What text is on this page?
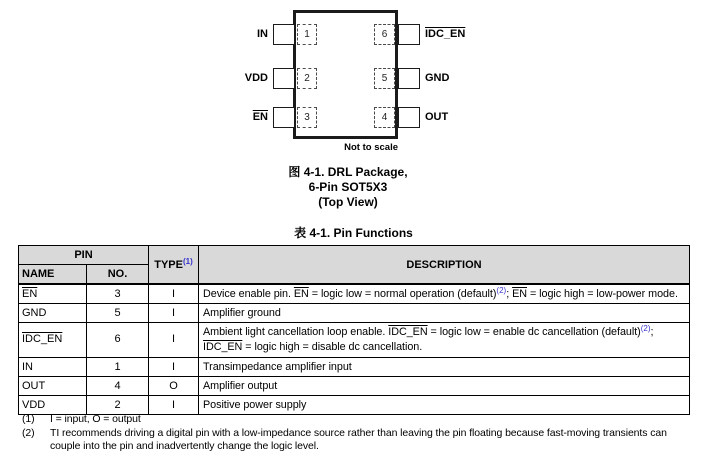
1
2
3
IN
VDD
$\overline{EN}$
6
5
4
IDC_EN
GND
OUT
Not to scale
图 4-1. DRL Package,
6-Pin SOT5X3
(Top View)
表 4-1. Pin Functions
PIN		TYPE$^{(1)}$	DESCRIPTION
NAME	NO.		
$\overline{EN}$	3	I	Device enable pin. $\overline{EN}$ = logic low = normal operation (default)$^{(2)}$; $\overline{EN}$ = logic high = low-power mode.
GND	5	I	Amplifier ground
IDC_EN	6	I	Ambient light cancellation loop enable. IDC_EN = logic low = enable dc cancellation (default)$^{(2)}$; IDC_EN = logic high = disable dc cancellation.
IN	1	I	Transimpedance amplifier input
OUT	4	O	Amplifier output
VDD	2	I	Positive power supply
(1)	I = input, O = output
(2)	TI recommends driving a digital pin with a low-impedance source rather than leaving the pin floating because fast-moving transients can couple into the pin and inadvertently change the logic level.
